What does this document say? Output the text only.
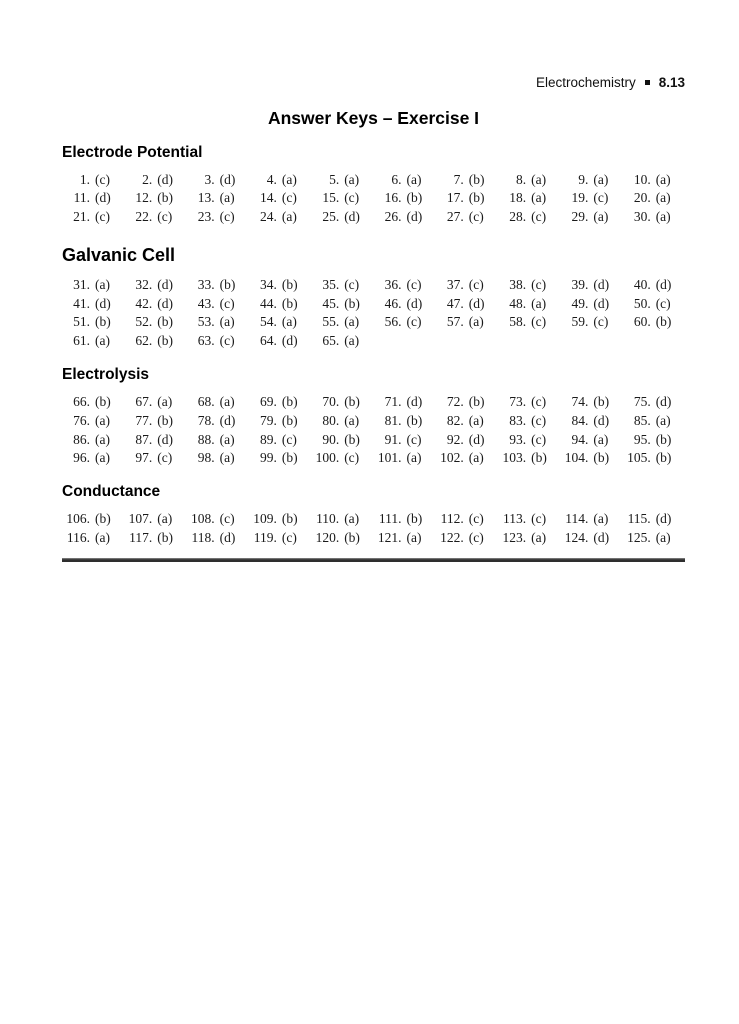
Electrochemistry 8.13
Answer Keys – Exercise I
Electrode Potential
1. (c)	2. (d)	3. (d)	4. (a)	5. (a)	6. (a)	7. (b)	8. (a)	9. (a)	10. (a)
11. (d)	12. (b)	13. (a)	14. (c)	15. (c)	16. (b)	17. (b)	18. (a)	19. (c)	20. (a)
21. (c)	22. (c)	23. (c)	24. (a)	25. (d)	26. (d)	27. (c)	28. (c)	29. (a)	30. (a)
Galvanic Cell
31. (a)	32. (d)	33. (b)	34. (b)	35. (c)	36. (c)	37. (c)	38. (c)	39. (d)	40. (d)
41. (d)	42. (d)	43. (c)	44. (b)	45. (b)	46. (d)	47. (d)	48. (a)	49. (d)	50. (c)
51. (b)	52. (b)	53. (a)	54. (a)	55. (a)	56. (c)	57. (a)	58. (c)	59. (c)	60. (b)
61. (a)	62. (b)	63. (c)	64. (d)	65. (a)
Electrolysis
66. (b)	67. (a)	68. (a)	69. (b)	70. (b)	71. (d)	72. (b)	73. (c)	74. (b)	75. (d)
76. (a)	77. (b)	78. (d)	79. (b)	80. (a)	81. (b)	82. (a)	83. (c)	84. (d)	85. (a)
86. (a)	87. (d)	88. (a)	89. (c)	90. (b)	91. (c)	92. (d)	93. (c)	94. (a)	95. (b)
96. (a)	97. (c)	98. (a)	99. (b)	100. (c)	101. (a)	102. (a)	103. (b)	104. (b)	105. (b)
Conductance
106. (b)	107. (a)	108. (c)	109. (b)	110. (a)	111. (b)	112. (c)	113. (c)	114. (a)	115. (d)
116. (a)	117. (b)	118. (d)	119. (c)	120. (b)	121. (a)	122. (c)	123. (a)	124. (d)	125. (a)
